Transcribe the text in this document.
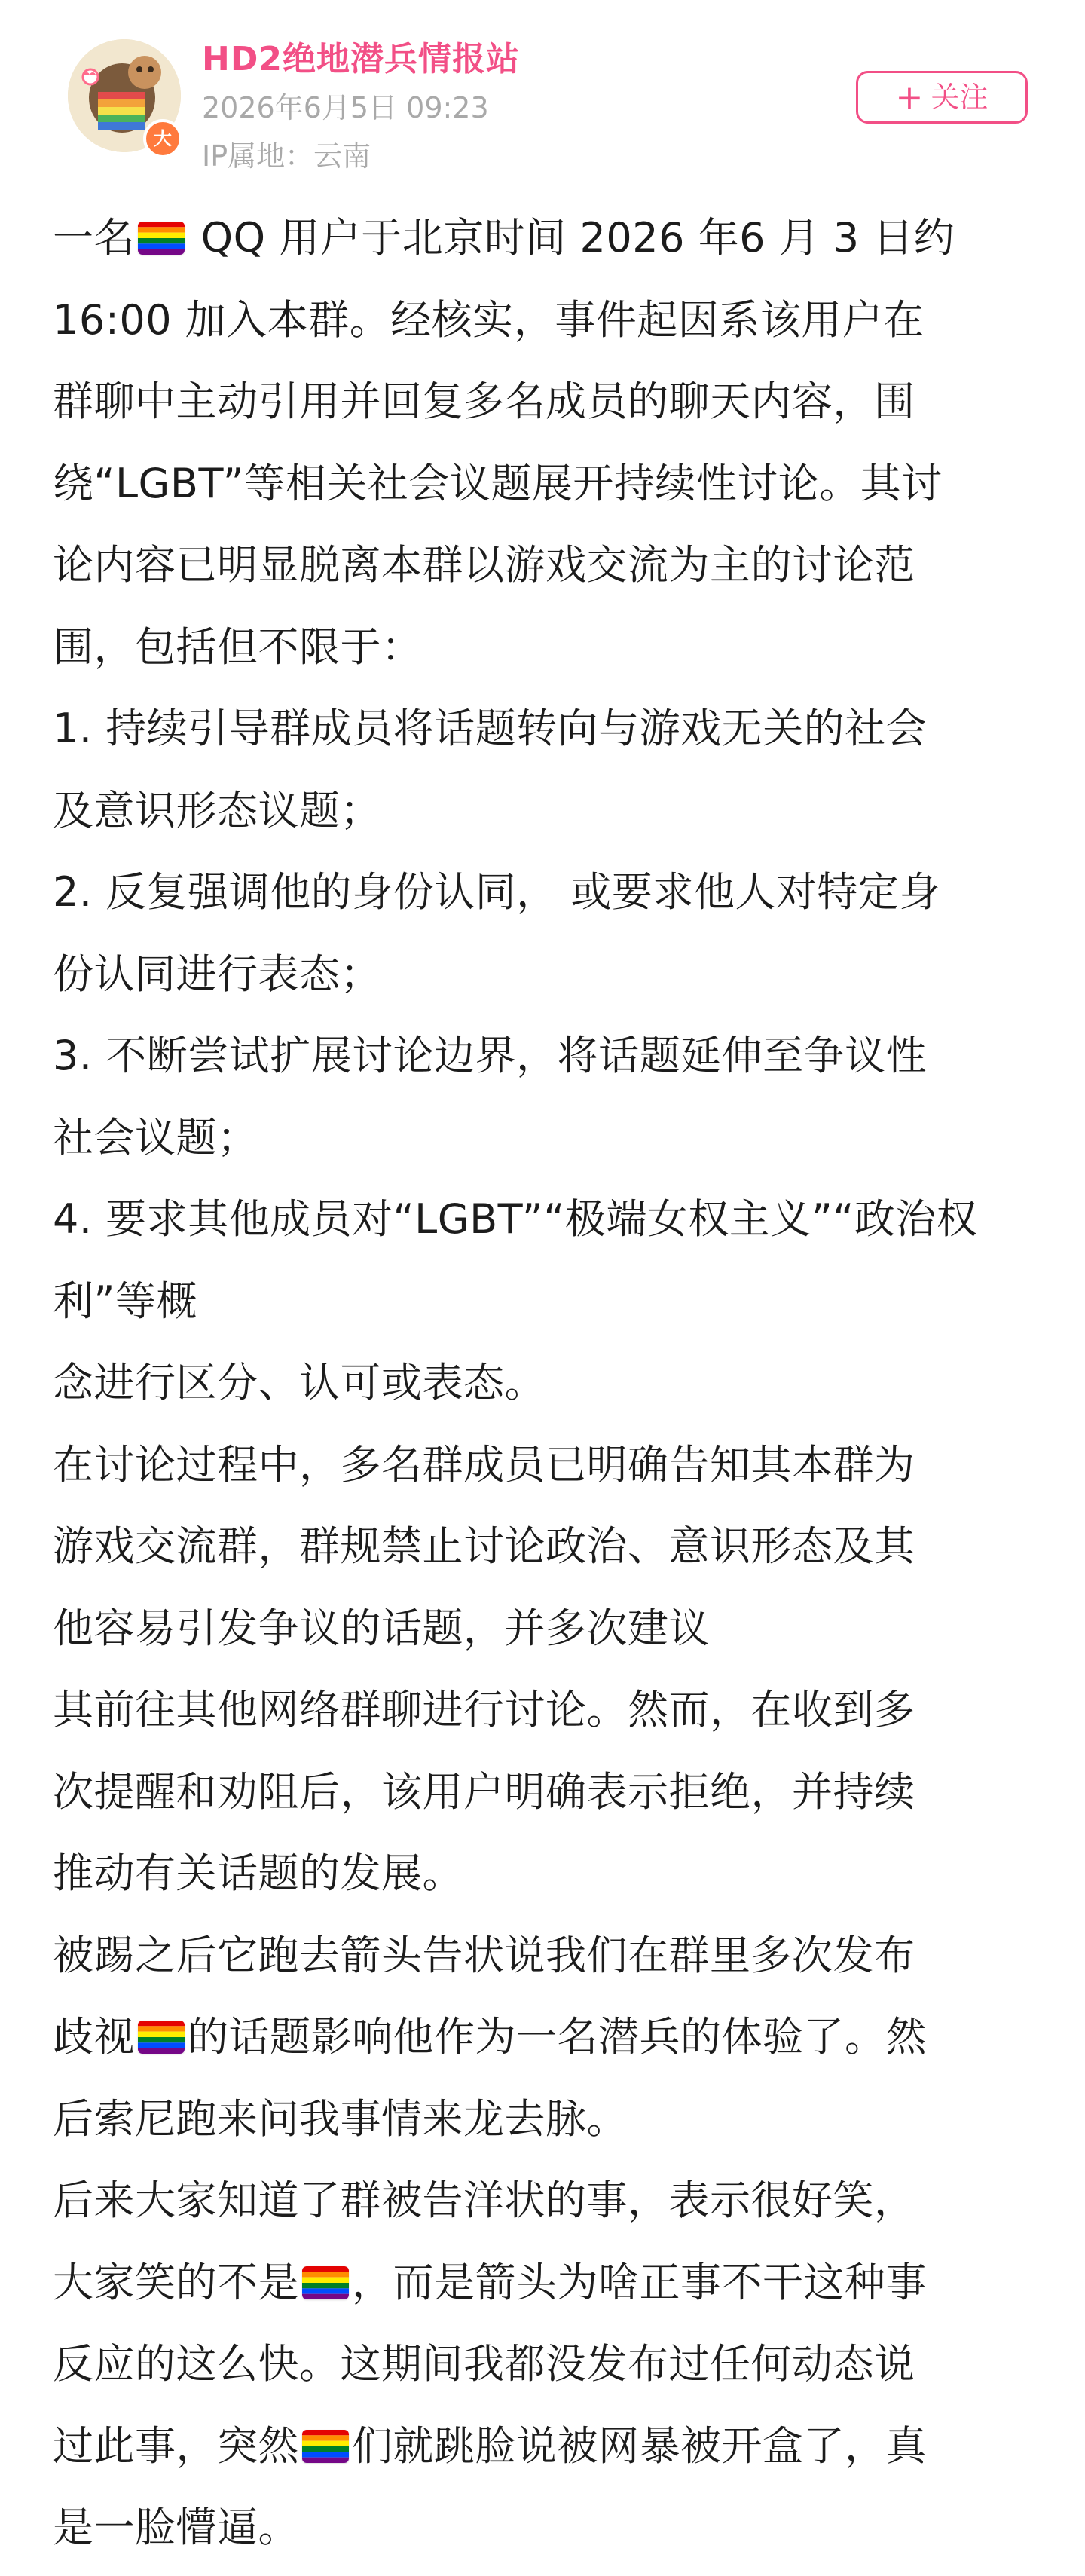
大
HD2绝地潜兵情报站
2026年6月5日 09:23
IP属地：云南
+ 关注
一名
QQ 用户于北京时间 2026 年6 月 3 日约
16:00 加入本群。经核实，事件起因系该用户在
群聊中主动引用并回复多名成员的聊天内容，围
绕“LGBT”等相关社会议题展开持续性讨论。其讨
论内容已明显脱离本群以游戏交流为主的讨论范
围，包括但不限于：
1. 持续引导群成员将话题转向与游戏无关的社会
及意识形态议题；
2. 反复强调他的身份认同， 或要求他人对特定身
份认同进行表态；
3. 不断尝试扩展讨论边界，将话题延伸至争议性
社会议题；
4. 要求其他成员对“LGBT”“极端女权主义”“政治权
利”等概
念进行区分、认可或表态。
在讨论过程中，多名群成员已明确告知其本群为
游戏交流群，群规禁止讨论政治、意识形态及其
他容易引发争议的话题，并多次建议
其前往其他网络群聊进行讨论。然而，在收到多
次提醒和劝阻后，该用户明确表示拒绝，并持续
推动有关话题的发展。
被踢之后它跑去箭头告状说我们在群里多次发布
歧视 的话题影响他作为一名潜兵的体验了。然
后索尼跑来问我事情来龙去脉。
后来大家知道了群被告洋状的事，表示很好笑，
大家笑的不是 ，而是箭头为啥正事不干这种事
反应的这么快。这期间我都没发布过任何动态说
过此事，突然 们就跳脸说被网暴被开盒了，真
是一脸懵逼。
